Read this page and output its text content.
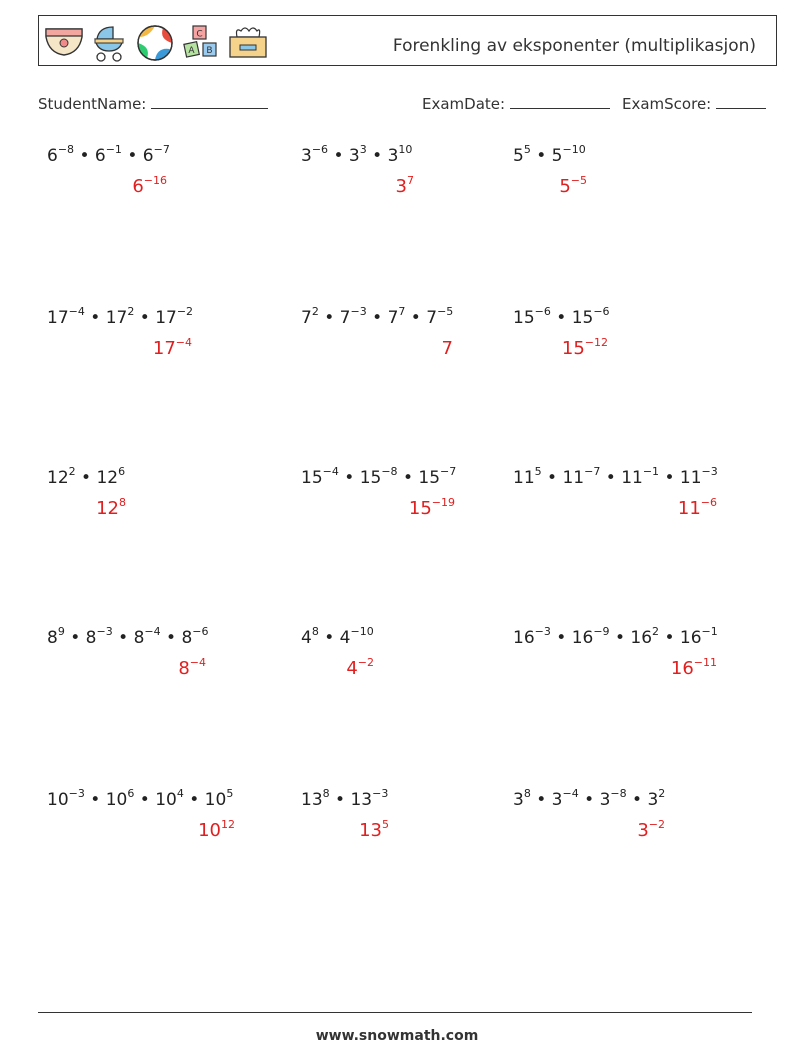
C
A B	Forenkling av eksponenter (multiplikasjon)
StudentName:	ExamDate:	ExamScore:
$6^{-8}$ • $6^{-1}$ • $6^{-7}$
$6^{-16}$
$3^{-6}$ • $3^3$ • $3^{10}$
$3^7$
$5^5$ • $5^{-10}$
$5^{-5}$
$17^{-4}$ • $17^2$ • $17^{-2}$
$17^{-4}$
$7^2$ • $7^{-3}$ • $7^7$ • $7^{-5}$
7
$15^{-6}$ • $15^{-6}$
$15^{-12}$
$12^2$ • $12^6$
$12^8$
$15^{-4}$ • $15^{-8}$ • $15^{-7}$
$15^{-19}$
$11^5$ • $11^{-7}$ • $11^{-1}$ • $11^{-3}$
$11^{-6}$
$8^9$ • $8^{-3}$ • $8^{-4}$ • $8^{-6}$
$8^{-4}$
$4^8$ • $4^{-10}$
$4^{-2}$
$16^{-3}$ • $16^{-9}$ • $16^2$ • $16^{-1}$
$16^{-11}$
$10^{-3}$ • $10^6$ • $10^4$ • $10^5$
$10^{12}$
$13^8$ • $13^{-3}$
$13^5$
$3^8$ • $3^{-4}$ • $3^{-8}$ • $3^2$
$3^{-2}$
www.snowmath.com
